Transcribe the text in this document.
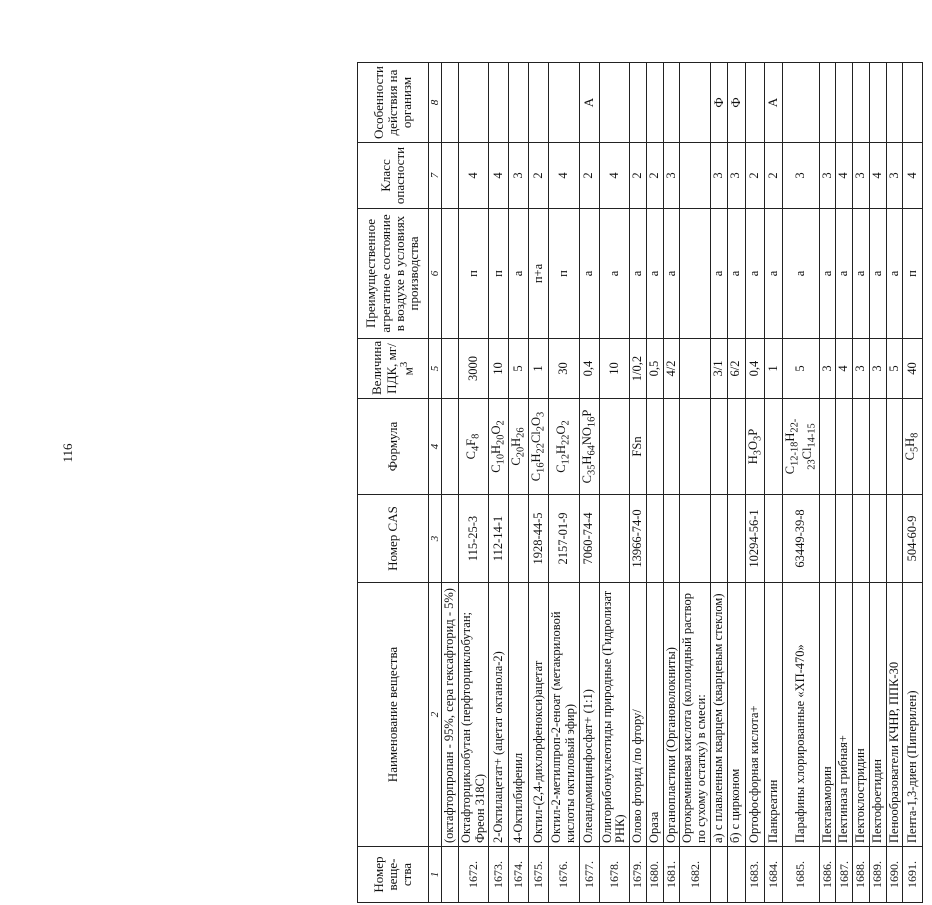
116
Номер веще-ства	Наименование вещества	Номер CAS	Формула	Величина ПДК, $мг/м^3$	Преимущественное агрегатное состояние в воздухе в условиях производства	Класс опасности	Особенности действия на организм
1	2	3	4	5	6	7	8
	(октафторпропан - 95%, сера гексафторид - 5%)						
1672.	Октафторциклобутан (перфторциклобутан; Фреон 318С)	115-25-3	$C_4F_8$	3000	п	4	
1673.	2-Октилацетат+ (ацетат октанола-2)	112-14-1	$C_{10}H_{20}O_2$	10	п	4	
1674.	4-Октилбифенил		$C_{20}H_{26}$	5	а	3	
1675.	Октил-(2,4-дихлорфенокси)ацетат	1928-44-5	$C_{16}H_{22}Cl_2O_3$	1	п+а	2	
1676.	Октил-2-метилпроп-2-еноат (метакриловой кислоты октиловый эфир)	2157-01-9	$C_{12}H_{22}O_2$	30	п	4	
1677.	Олеандомицинфосфат+ (1:1)	7060-74-4	$C_{35}H_{64}NO_{16}P$	0,4	а	2	А
1678.	Олигорибонуклеотиды природные (Гидролизат РНК)			10	а	4	
1679.	Олово фторид /по фтору/	13966-74-0	FSn	1/0,2	а	2	
1680.	Оразa			0,5	а	2	
1681.	Органопластики (Органоволокниты)			4/2	а	3	
1682.	Ортокремниевая кислота (коллоидный раствор по сухому остатку) в смеси:						
	а) с плавленным кварцем (кварцевым стеклом)			3/1	а	3	Ф
	б) с цирконом			6/2	а	3	Ф
1683.	Ортофосфорная кислота+	10294-56-1	$H_3O_3P$	0,4	а	2	
1684.	Панкреатин			1	а	2	А
1685.	Парафины хлорированные «ХП-470»	63449-39-8	$C_{12-18}H_{22-23}Cl_{14-15}$	5	а	3	
1686.	Пектаваморин			3	а	3	
1687.	Пектиназа грибная+			4	а	4	
1688.	Пектоклостридин			3	а	3	
1689.	Пектофоетидин			3	а	4	
1690.	Пенообразователи КЧНР, ППК-30			5	а	3	
1691.	Пента-1,3-диен (Пиперилен)	504-60-9	$C_5H_8$	40	п	4	
